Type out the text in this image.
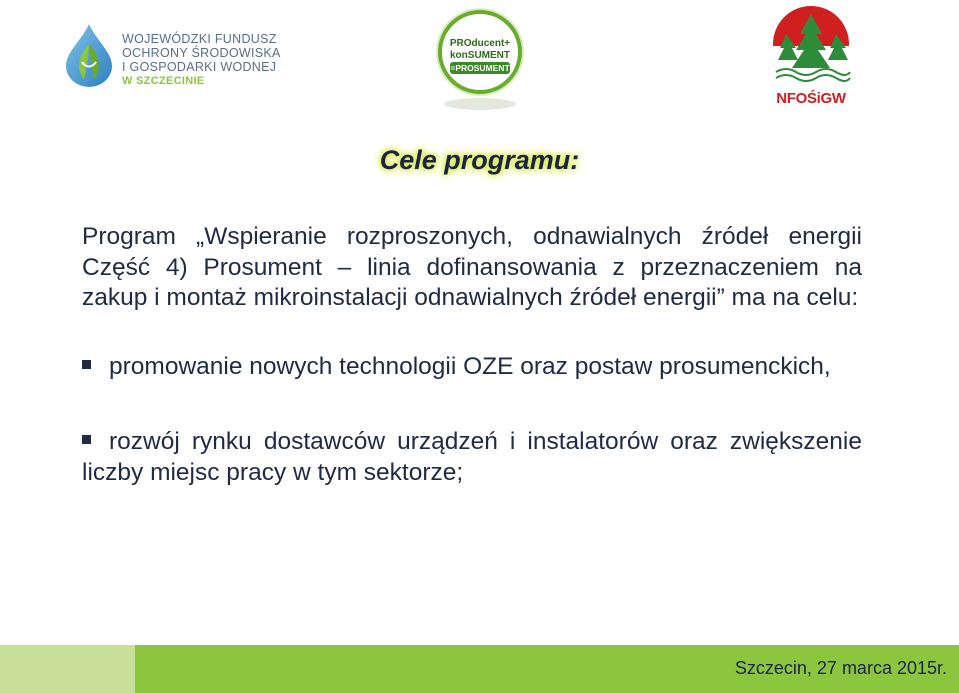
WOJEWÓDZKI FUNDUSZ
OCHRONY ŚRODOWISKA
I GOSPODARKI WODNEJ
W SZCZECINIE
PROducent+
konSUMENT
=PROSUMENT
NFOŚiGW
Cele programu:

Program „Wspieranie rozproszonych, odnawialnych źródeł energii Część 4) Prosument – linia dofinansowania z przeznaczeniem na zakup i montaż mikroinstalacji odnawialnych źródeł energii” ma na celu:

promowanie nowych technologii OZE oraz postaw prosumenckich,

rozwój rynku dostawców urządzeń i instalatorów oraz zwiększenie liczby miejsc pracy w tym sektorze;

Szczecin, 27 marca 2015r.
